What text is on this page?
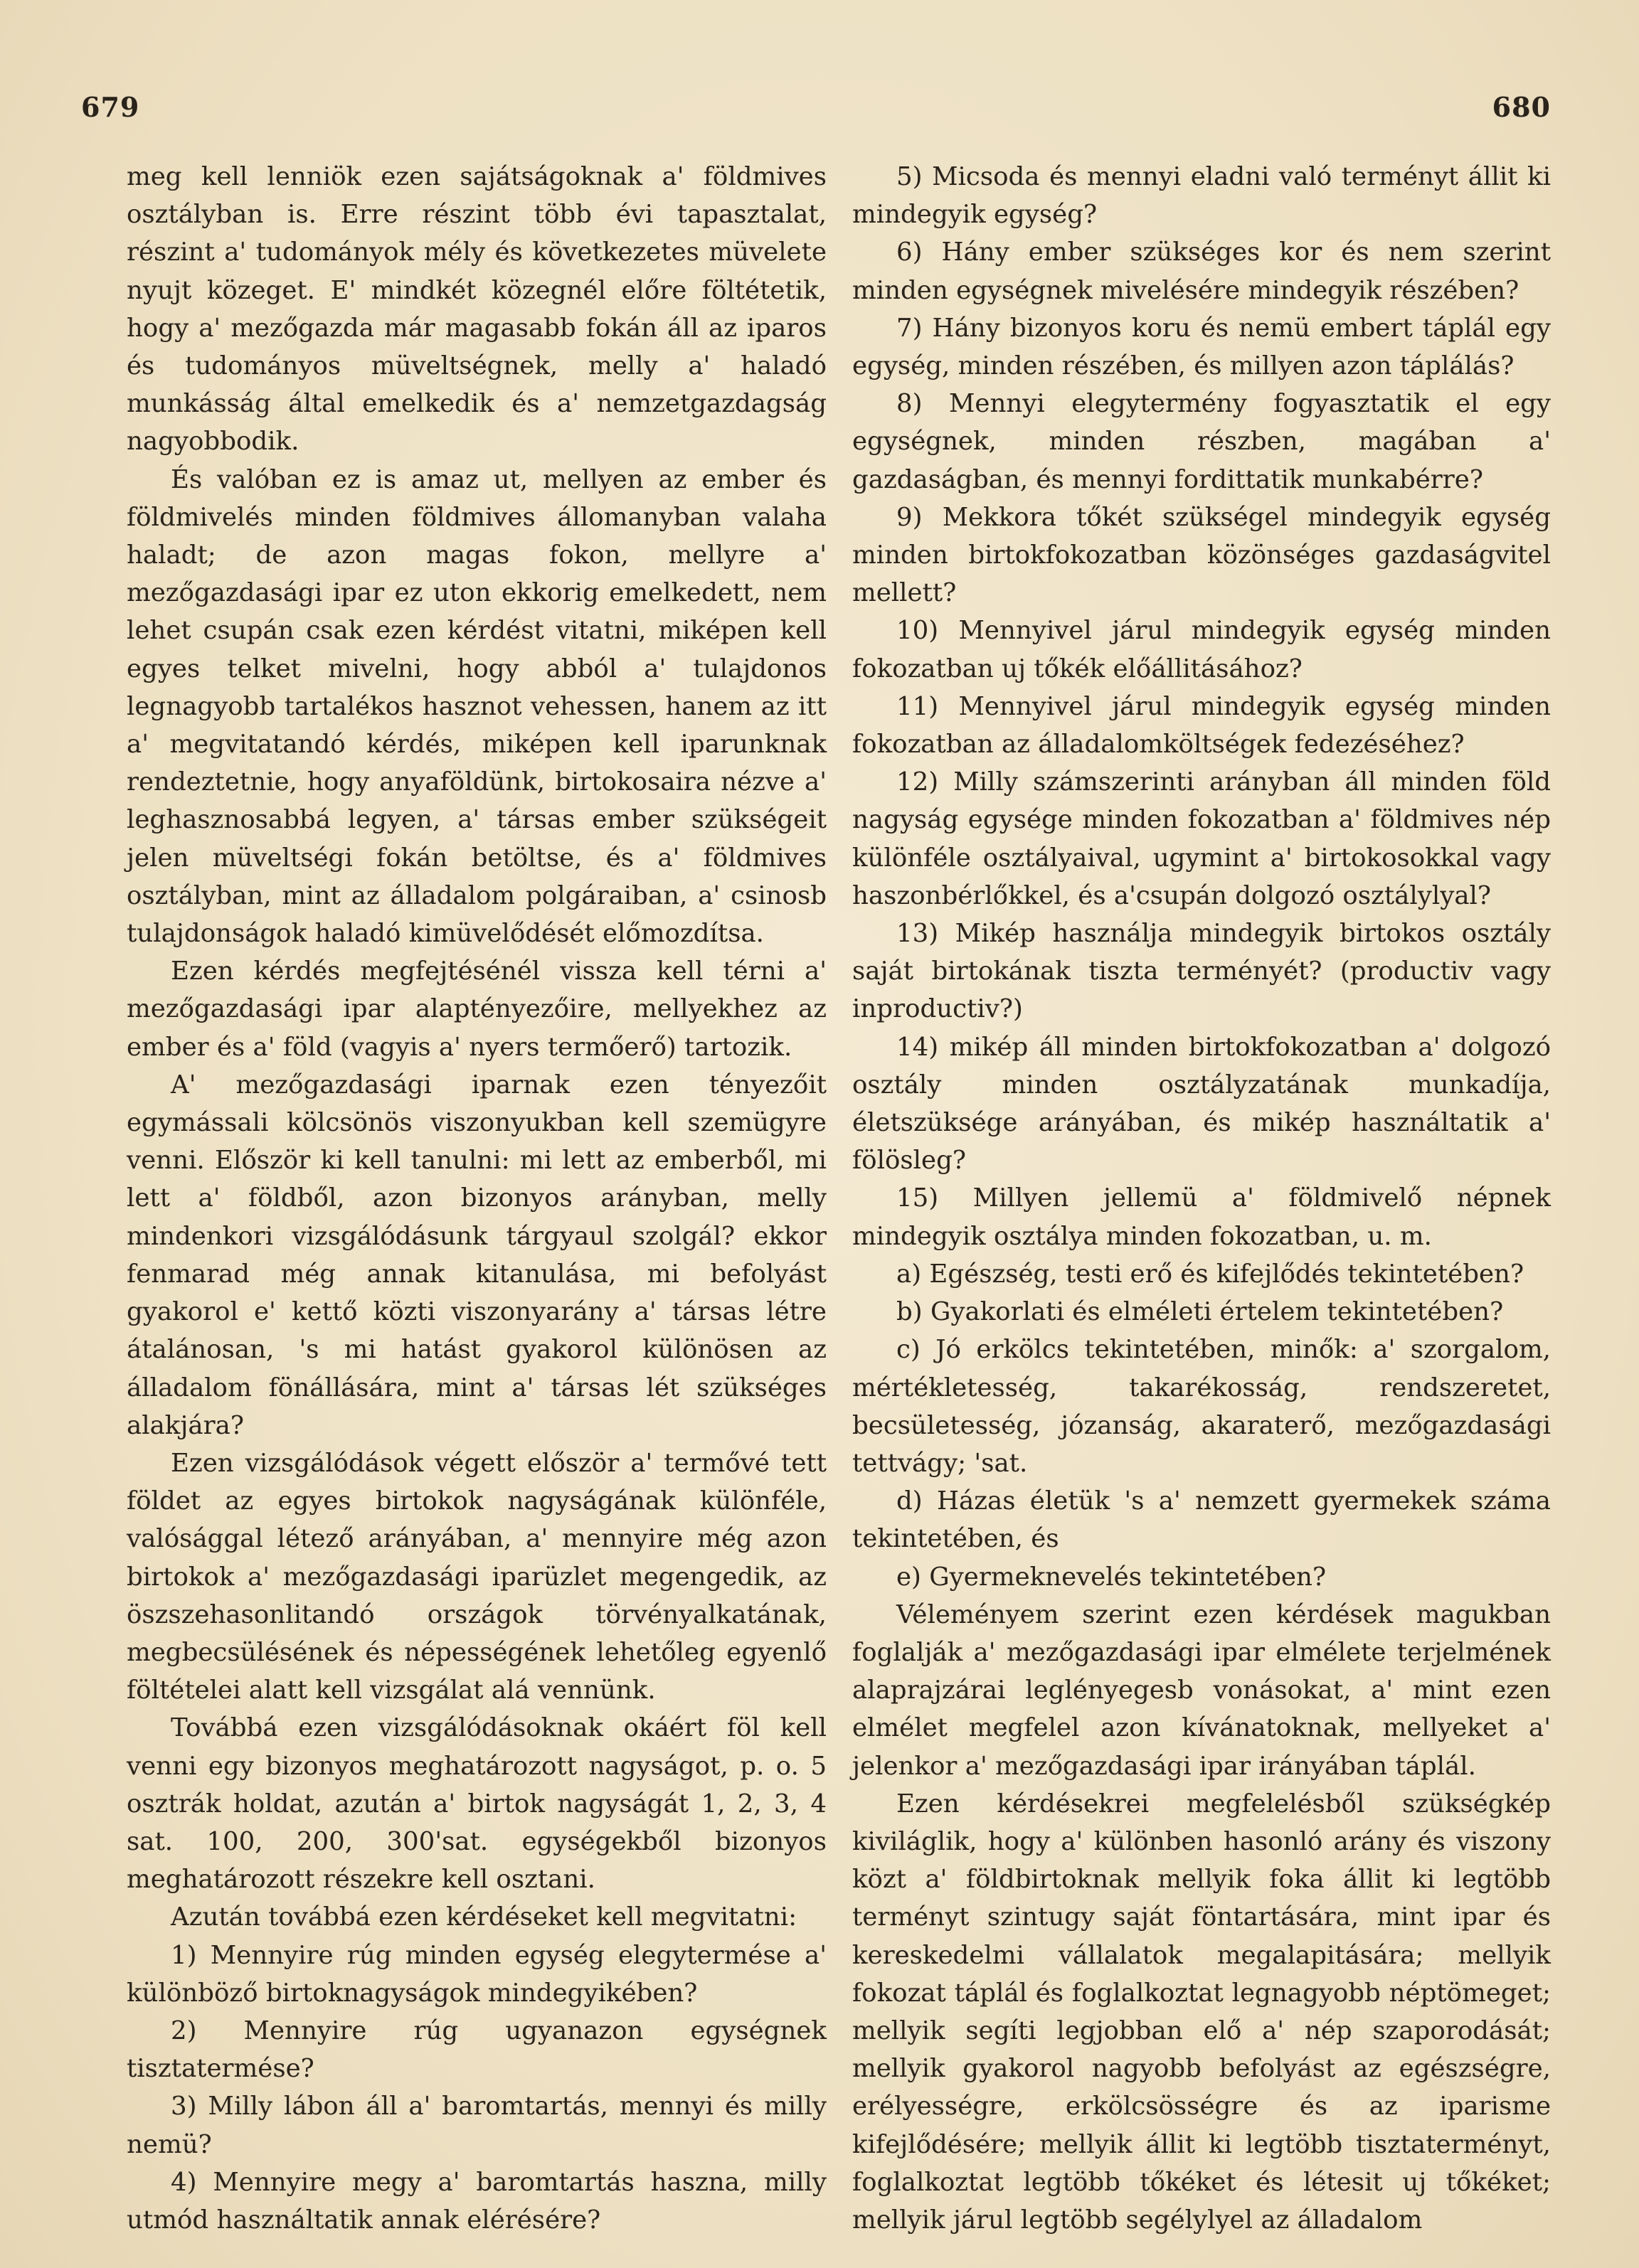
679	680

meg kell lenniök ezen sajátságoknak a' földmives osztályban is. Erre részint több évi tapasztalat, részint a' tudományok mély és következetes müvelete nyujt közeget. E' mindkét közegnél előre föltétetik, hogy a' mezőgazda már magasabb fokán áll az iparos és tudományos müveltségnek, melly a' haladó munkásság által emelkedik és a' nemzetgazdagság nagyobbodik.

És valóban ez is amaz ut, mellyen az ember és földmivelés minden földmives állomanyban valaha haladt; de azon magas fokon, mellyre a' mezőgazdasági ipar ez uton ekkorig emelkedett, nem lehet csupán csak ezen kérdést vitatni, miképen kell egyes telket mivelni, hogy abból a' tulajdonos legnagyobb tartalékos hasznot vehessen, hanem az itt a' megvitatandó kérdés, miképen kell iparunknak rendeztetnie, hogy anyaföldünk, birtokosaira nézve a' leghasznosabbá legyen, a' társas ember szükségeit jelen müveltségi fokán betöltse, és a' földmives osztályban, mint az álladalom polgáraiban, a' csinosb tulajdonságok haladó kimüvelődését előmozdítsa.

Ezen kérdés megfejtésénél vissza kell térni a' mezőgazdasági ipar alaptényezőire, mellyekhez az ember és a' föld (vagyis a' nyers termőerő) tartozik.

A' mezőgazdasági iparnak ezen tényezőit egymássali kölcsönös viszonyukban kell szemügyre venni. Először ki kell tanulni: mi lett az emberből, mi lett a' földből, azon bizonyos arányban, melly mindenkori vizsgálódásunk tárgyaul szolgál? ekkor fenmarad még annak kitanulása, mi befolyást gyakorol e' kettő közti viszonyarány a' társas létre átalánosan, 's mi hatást gyakorol különösen az álladalom fönállására, mint a' társas lét szükséges alakjára?

Ezen vizsgálódások végett először a' termővé tett földet az egyes birtokok nagyságának különféle, valósággal létező arányában, a' mennyire még azon birtokok a' mezőgazdasági iparüzlet megengedik, az öszszehasonlitandó országok törvényalkatának, megbecsülésének és népességének lehetőleg egyenlő föltételei alatt kell vizsgálat alá vennünk.

Továbbá ezen vizsgálódásoknak okáért föl kell venni egy bizonyos meghatározott nagyságot, p. o. 5 osztrák holdat, azután a' birtok nagyságát 1, 2, 3, 4 sat. 100, 200, 300'sat. egységekből bizonyos meghatározott részekre kell osztani.

Azután továbbá ezen kérdéseket kell megvitatni:

1) Mennyire rúg minden egység elegytermése a' különböző birtoknagyságok mindegyikében?

2) Mennyire rúg ugyanazon egységnek tisztatermése?

3) Milly lábon áll a' baromtartás, mennyi és milly nemü?

4) Mennyire megy a' baromtartás haszna, milly utmód használtatik annak elérésére?

5) Micsoda és mennyi eladni való terményt állit ki mindegyik egység?

6) Hány ember szükséges kor és nem szerint minden egységnek mivelésére mindegyik részében?

7) Hány bizonyos koru és nemü embert táplál egy egység, minden részében, és millyen azon táplálás?

8) Mennyi elegytermény fogyasztatik el egy egységnek, minden részben, magában a' gazdaságban, és mennyi fordittatik munkabérre?

9) Mekkora tőkét szükségel mindegyik egység minden birtokfokozatban közönséges gazdaságvitel mellett?

10) Mennyivel járul mindegyik egység minden fokozatban uj tőkék előállitásához?

11) Mennyivel járul mindegyik egység minden fokozatban az álladalomköltségek fedezéséhez?

12) Milly számszerinti arányban áll minden föld nagyság egysége minden fokozatban a' földmives nép különféle osztályaival, ugymint a' birtokosokkal vagy haszonbérlőkkel, és a'csupán dolgozó osztálylyal?

13) Mikép használja mindegyik birtokos osztály saját birtokának tiszta terményét? (productiv vagy inproductiv?)

14) mikép áll minden birtokfokozatban a' dolgozó osztály minden osztályzatának munkadíja, életszüksége arányában, és mikép használtatik a' fölösleg?

15) Millyen jellemü a' földmivelő népnek mindegyik osztálya minden fokozatban, u. m.

a) Egészség, testi erő és kifejlődés tekintetében?

b) Gyakorlati és elméleti értelem tekintetében?

c) Jó erkölcs tekintetében, minők: a' szorgalom, mértékletesség, takarékosság, rendszeretet, becsületesség, józanság, akaraterő, mezőgazdasági tettvágy; 'sat.

d) Házas életük 's a' nemzett gyermekek száma tekintetében, és

e) Gyermeknevelés tekintetében?

Véleményem szerint ezen kérdések magukban foglalják a' mezőgazdasági ipar elmélete terjelmének alaprajzárai leglényegesb vonásokat, a' mint ezen elmélet megfelel azon kívánatoknak, mellyeket a' jelenkor a' mezőgazdasági ipar irányában táplál.

Ezen kérdésekrei megfelelésből szükségkép kiviláglik, hogy a' különben hasonló arány és viszony közt a' földbirtoknak mellyik foka állit ki legtöbb terményt szintugy saját föntartására, mint ipar és kereskedelmi vállalatok megalapitására; mellyik fokozat táplál és foglalkoztat legnagyobb néptömeget; mellyik segíti legjobban elő a' nép szaporodását; mellyik gyakorol nagyobb befolyást az egészségre, erélyességre, erkölcsösségre és az iparisme kifejlődésére; mellyik állit ki legtöbb tisztaterményt, foglalkoztat legtöbb tőkéket és létesit uj tőkéket; mellyik járul legtöbb segélylyel az álladalom
